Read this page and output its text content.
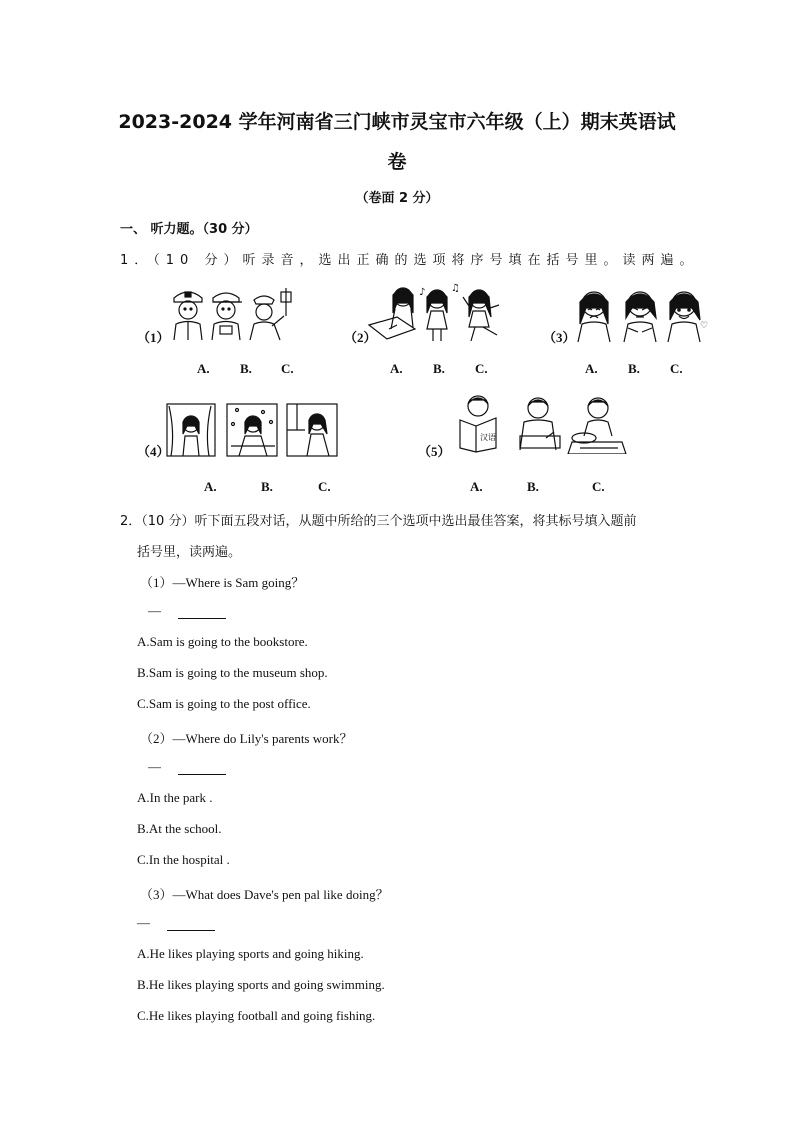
2023-2024 学年河南省三门峡市灵宝市六年级（上）期末英语试
卷
（卷面 2 分）
一、 听力题。（30 分）
1．（10 分）听录音，选出正确的选项将序号填在括号里。读两遍。
（1）
A. B. C.
（2）
♪	♫
A. B. C.
（3）
♡
A. B. C.
（4）
A.	B.	C.
（5）
汉语
A.	B.	C.
2．（10 分）听下面五段对话，从题中所给的三个选项中选出最佳答案，将其标号填入题前
括号里，读两遍。
（1）—Where is Sam going？
—
A.Sam is going to the bookstore.
B.Sam is going to the museum shop.
C.Sam is going to the post office.
（2）—Where do Lily's parents work？
—
A.In the park .
B.At the school.
C.In the hospital .
（3）—What does Dave's pen pal like doing？
—
A.He likes playing sports and going hiking.
B.He likes playing sports and going swimming.
C.He likes playing football and going fishing.
